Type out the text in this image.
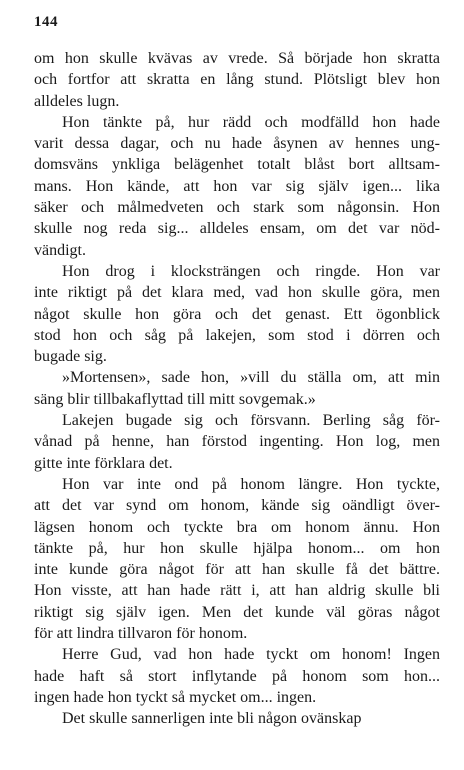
144
om hon skulle kvävas av vrede. Så började hon skratta
och fortfor att skratta en lång stund. Plötsligt blev hon
alldeles lugn.
Hon tänkte på, hur rädd och modfälld hon hade
varit dessa dagar, och nu hade åsynen av hennes ung-
domsväns ynkliga belägenhet totalt blåst bort alltsam-
mans. Hon kände, att hon var sig själv igen... lika
säker och målmedveten och stark som någonsin. Hon
skulle nog reda sig... alldeles ensam, om det var nöd-
vändigt.
Hon drog i klocksträngen och ringde. Hon var
inte riktigt på det klara med, vad hon skulle göra, men
något skulle hon göra och det genast. Ett ögonblick
stod hon och såg på lakejen, som stod i dörren och
bugade sig.
»Mortensen», sade hon, »vill du ställa om, att min
säng blir tillbakaflyttad till mitt sovgemak.»
Lakejen bugade sig och försvann. Berling såg för-
vånad på henne, han förstod ingenting. Hon log, men
gitte inte förklara det.
Hon var inte ond på honom längre. Hon tyckte,
att det var synd om honom, kände sig oändligt över-
lägsen honom och tyckte bra om honom ännu. Hon
tänkte på, hur hon skulle hjälpa honom... om hon
inte kunde göra något för att han skulle få det bättre.
Hon visste, att han hade rätt i, att han aldrig skulle bli
riktigt sig själv igen. Men det kunde väl göras något
för att lindra tillvaron för honom.
Herre Gud, vad hon hade tyckt om honom! Ingen
hade haft så stort inflytande på honom som hon...
ingen hade hon tyckt så mycket om... ingen.
Det skulle sannerligen inte bli någon ovänskap
